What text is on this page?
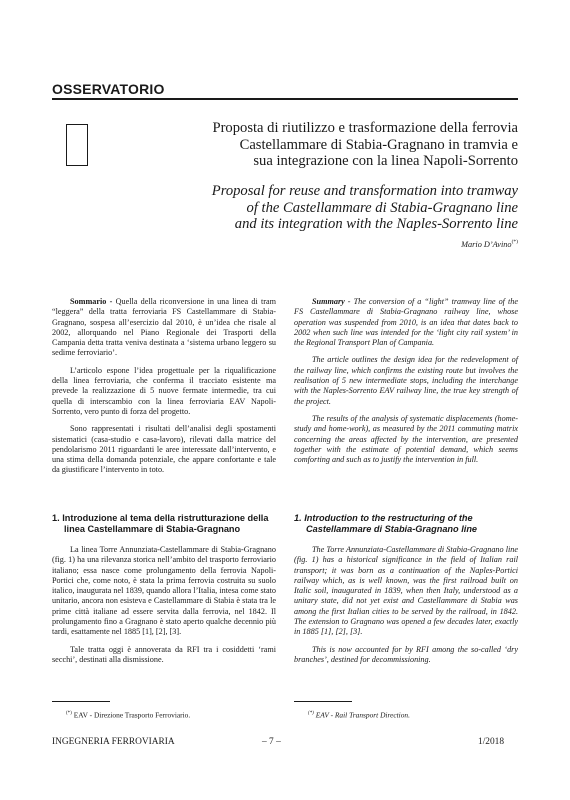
OSSERVATORIO
Proposta di riutilizzo e trasformazione della ferrovia
Castellammare di Stabia-Gragnano in tramvia e
sua integrazione con la linea Napoli-Sorrento
Proposal for reuse and transformation into tramway
of the Castellammare di Stabia-Gragnano line
and its integration with the Naples-Sorrento line
Mario D’Avino(*)

Sommario - Quella della riconversione in una linea di tram “leggera” della tratta ferroviaria FS Castellammare di Stabia-Gragnano, sospesa all’esercizio dal 2010, è un’idea che risale al 2002, allorquando nel Piano Regionale dei Trasporti della Campania detta tratta veniva destinata a ‘sistema urbano leggero su sedime ferroviario’.

L’articolo espone l’idea progettuale per la riqualificazione della linea ferroviaria, che conferma il tracciato esistente ma prevede la realizzazione di 5 nuove fermate intermedie, tra cui quella di interscambio con la linea ferroviaria EAV Napoli-Sorrento, vero punto di forza del progetto.

Sono rappresentati i risultati dell’analisi degli spostamenti sistematici (casa-studio e casa-lavoro), rilevati dalla matrice del pendolarismo 2011 riguardanti le aree interessate dall’intervento, e una stima della domanda potenziale, che appare confortante e tale da giustificare l’intervento in toto.

Summary - The conversion of a “light” tramway line of the FS Castellammare di Stabia-Gragnano railway line, whose operation was suspended from 2010, is an idea that dates back to 2002 when such line was intended for the ‘light city rail system’ in the Regional Transport Plan of Campania.

The article outlines the design idea for the redevelopment of the railway line, which confirms the existing route but involves the realisation of 5 new intermediate stops, including the interchange with the Naples-Sorrento EAV railway line, the true key strength of the project.

The results of the analysis of systematic displacements (home-study and home-work), as measured by the 2011 commuting matrix concerning the areas affected by the intervention, are presented together with the estimate of potential demand, which seems comforting and such as to justify the intervention in full.

1. Introduzione al tema della ristrutturazione della linea Castellammare di Stabia-Gragnano

La linea Torre Annunziata-Castellammare di Stabia-Gragnano (fig. 1) ha una rilevanza storica nell’ambito del trasporto ferroviario italiano; essa nasce come prolungamento della ferrovia Napoli-Portici che, come noto, è stata la prima ferrovia costruita su suolo italico, inaugurata nel 1839, quando allora l’Italia, intesa come stato unitario, ancora non esisteva e Castellammare di Stabia è stata tra le prime città italiane ad essere servita dalla ferrovia, nel 1842. Il prolungamento fino a Gragnano è stato aperto qualche decennio più tardi, esattamente nel 1885 [1], [2], [3].

Tale tratta oggi è annoverata da RFI tra i cosiddetti ‘rami secchi’, destinati alla dismissione.

1. Introduction to the restructuring of the Castellammare di Stabia-Gragnano line

The Torre Annunziata-Castellammare di Stabia-Gragnano line (fig. 1) has a historical significance in the field of Italian rail transport; it was born as a continuation of the Naples-Portici railway which, as is well known, was the first railroad built on Italic soil, inaugurated in 1839, when then Italy, understood as a unitary state, did not yet exist and Castellammare di Stabia was among the first Italian cities to be served by the railroad, in 1842. The extension to Gragnano was opened a few decades later, exactly in 1885 [1], [2], [3].

This is now accounted for by RFI among the so-called ‘dry branches’, destined for decommissioning.

(*) EAV - Direzione Trasporto Ferroviario.	(*) EAV - Rail Transport Direction.
INGEGNERIA FERROVIARIA	– 7 –	1/2018
